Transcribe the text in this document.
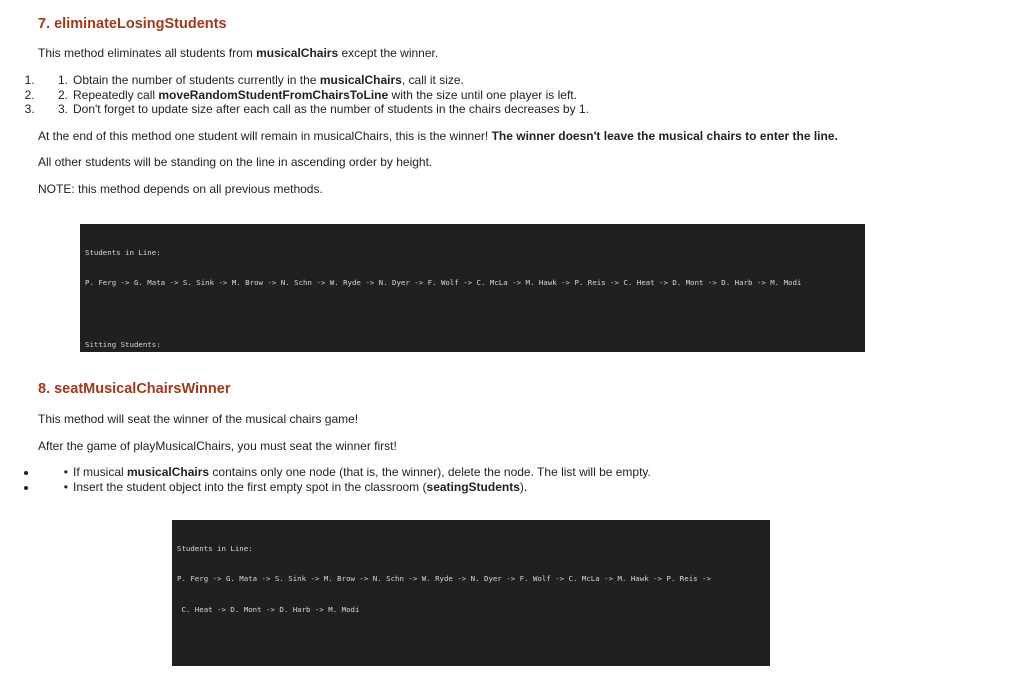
7. eliminateLosingStudents

This method eliminates all students from musicalChairs except the winner.

1. 1. Obtain the number of students currently in the musicalChairs, call it size.
2. 2. Repeatedly call moveRandomStudentFromChairsToLine with the size until one player is left.
3. 3. Don't forget to update size after each call as the number of students in the chairs decreases by 1.

At the end of this method one student will remain in musicalChairs, this is the winner! The winner doesn't leave the musical chairs to enter the line.

All other students will be standing on the line in ascending order by height.

NOTE: this method depends on all previous methods.

Students in Line:

P. Ferg -> G. Mata -> S. Sink -> M. Brow -> N. Schn -> W. Ryde -> N. Dyer -> F. Wolf -> C. McLa -> M. Hawk -> P. Reis -> C. Heat -> D. Mont -> D. Harb -> M. Modi

Sitting Students:

8. seatMusicalChairsWinner

This method will seat the winner of the musical chairs game!

After the game of playMusicalChairs, you must seat the winner first!

• • If musical musicalChairs contains only one node (that is, the winner), delete the node. The list will be empty.
• • Insert the student object into the first empty spot in the classroom (seatingStudents).

Students in Line:

P. Ferg -> G. Mata -> S. Sink -> M. Brow -> N. Schn -> W. Ryde -> N. Dyer -> F. Wolf -> C. McLa -> M. Hawk -> P. Reis ->

C. Heat -> D. Mont -> D. Harb -> M. Modi
